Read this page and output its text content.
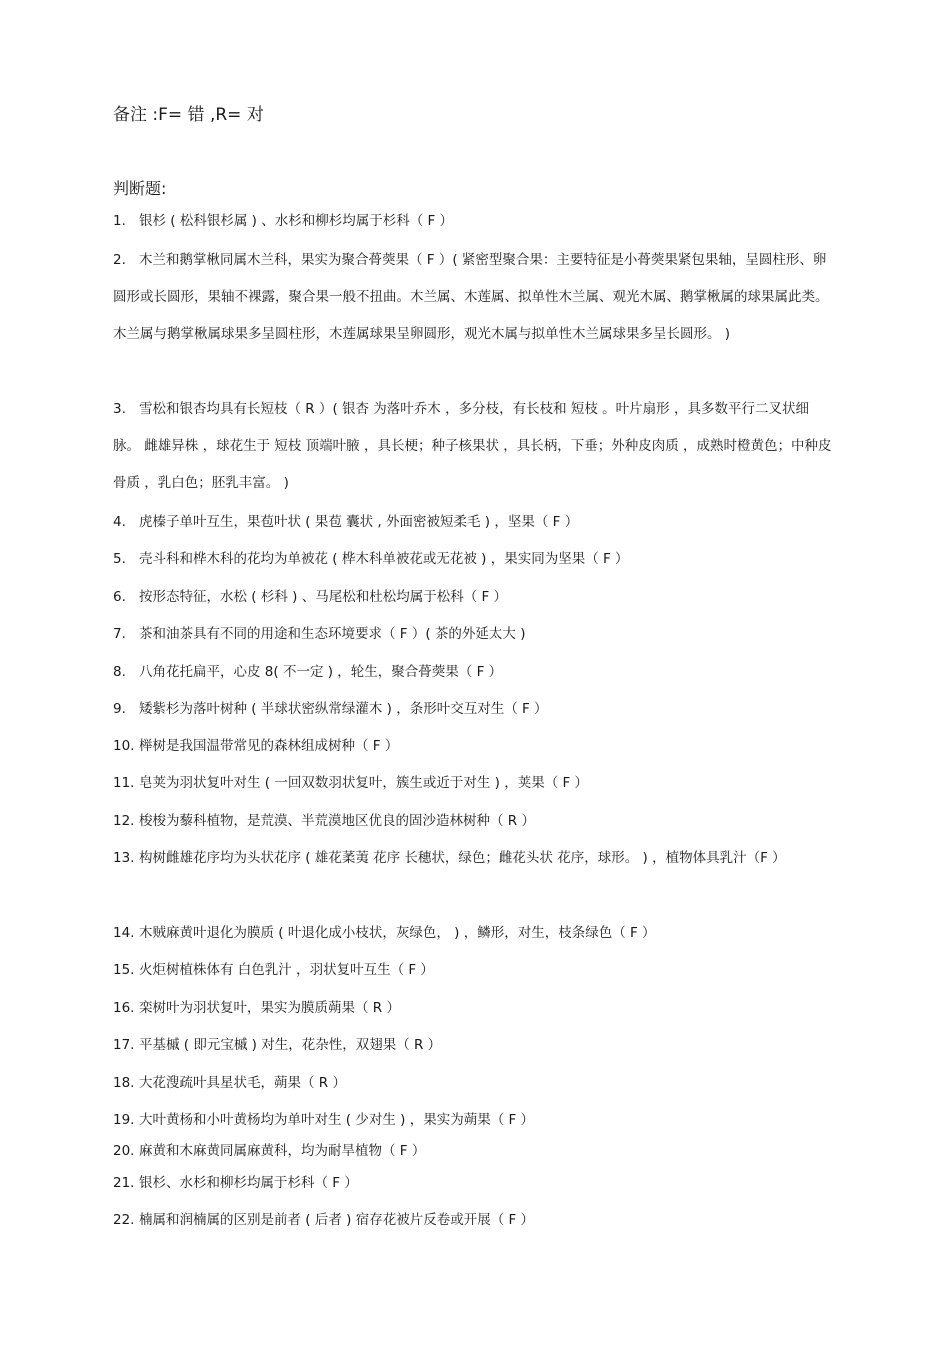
备注 :F= 错 ,R= 对
判断题:
1. 银杉 ( 松科银杉属 ) 、水杉和柳杉均属于杉科（ F ）
2. 木兰和鹅掌楸同属木兰科，果实为聚合蓇葖果（ F ）( 紧密型聚合果：主要特征是小蓇葖果紧包果轴，呈圆柱形、卵圆形或长圆形，果轴不裸露，聚合果一般不扭曲。木兰属、木莲属、拟单性木兰属、观光木属、鹅掌楸属的球果属此类。木兰属与鹅掌楸属球果多呈圆柱形，木莲属球果呈卵圆形，观光木属与拟单性木兰属球果多呈长圆形。 )
3. 雪松和银杏均具有长短枝（ R ）( 银杏 为落叶乔木 ，多分枝，有长枝和 短枝 。叶片扇形 ，具多数平行二叉状细脉。 雌雄异株 ，球花生于 短枝 顶端叶腋 ，具长梗；种子核果状 ，具长柄，下垂；外种皮肉质 ，成熟时橙黄色；中种皮骨质 ，乳白色；胚乳丰富。 )
4. 虎榛子单叶互生，果苞叶状 ( 果苞 囊状 , 外面密被短柔毛 ) ，坚果（ F ）
5. 壳斗科和桦木科的花均为单被花 ( 桦木科单被花或无花被 ) ，果实同为坚果（ F ）
6. 按形态特征，水松 ( 杉科 ) 、马尾松和杜松均属于松科（ F ）
7. 茶和油茶具有不同的用途和生态环境要求（ F ）( 茶的外延太大 )
8. 八角花托扁平，心皮 8( 不一定 ) ，轮生，聚合蓇葖果（ F ）
9. 矮紫杉为落叶树种 ( 半球状密纵常绿灌木 ) ，条形叶交互对生（ F ）
10. 榉树是我国温带常见的森林组成树种（ F ）
11. 皂荚为羽状复叶对生 ( 一回双数羽状复叶，簇生或近于对生 ) ，荚果（ F ）
12. 梭梭为藜科植物，是荒漠、半荒漠地区优良的固沙造林树种（ R ）
13. 构树雌雄花序均为头状花序 ( 雄花葇荑 花序 长穗状，绿色；雌花头状 花序，球形。 ) ，植物体具乳汁（F ）
14. 木贼麻黄叶退化为膜质 ( 叶退化成小枝状，灰绿色， ) ，鳞形，对生，枝条绿色（ F ）
15. 火炬树植株体有 白色乳汁 ，羽状复叶互生（ F ）
16. 栾树叶为羽状复叶，果实为膜质蒴果（ R ）
17. 平基槭 ( 即元宝槭 ) 对生，花杂性，双翅果（ R ）
18. 大花溲疏叶具星状毛，蒴果（ R ）
19. 大叶黄杨和小叶黄杨均为单叶对生 ( 少对生 ) ，果实为蒴果（ F ）
20. 麻黄和木麻黄同属麻黄科，均为耐旱植物（ F ）
21. 银杉、水杉和柳杉均属于杉科（ F ）
22. 楠属和润楠属的区别是前者 ( 后者 ) 宿存花被片反卷或开展（ F ）
